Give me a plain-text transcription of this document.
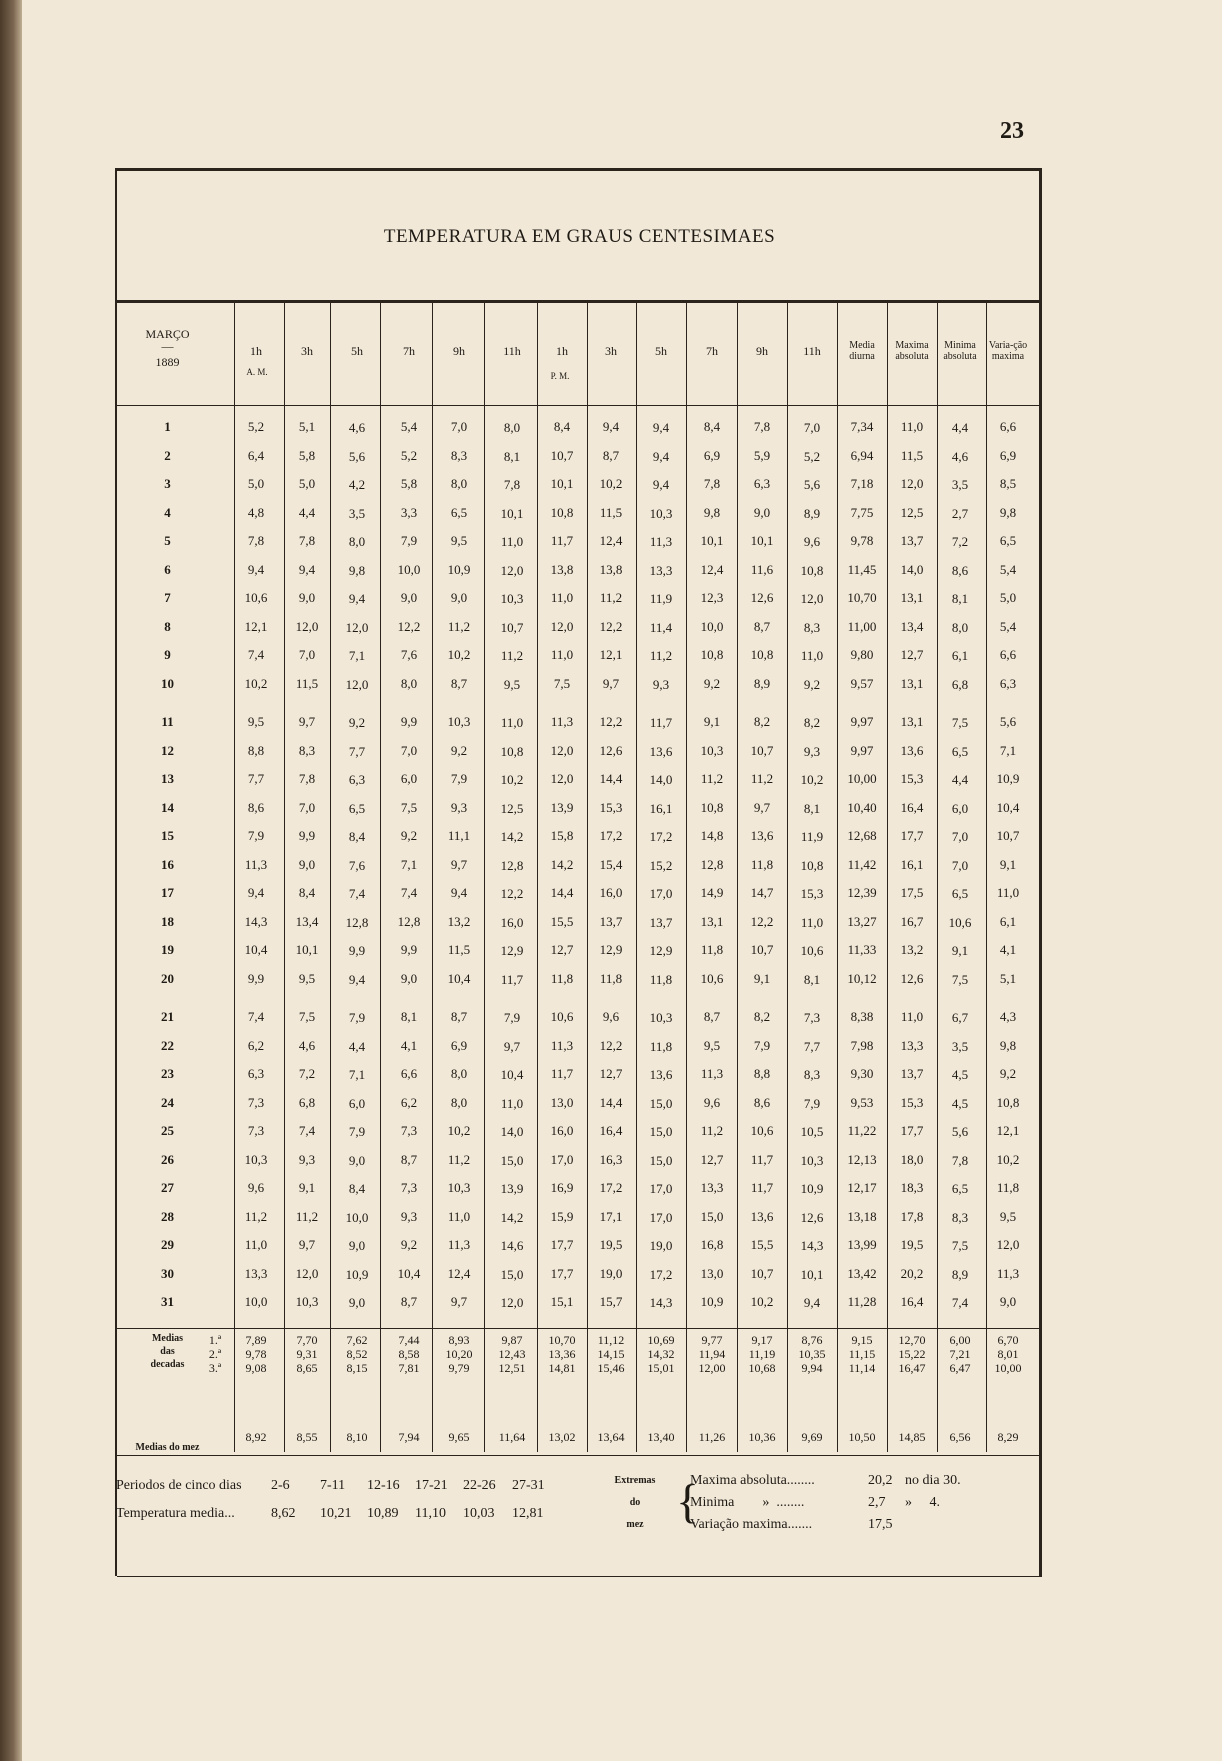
23
TEMPERATURA EM GRAUS CENTESIMAES
MARÇO
—
1889
A. M.	P. M.
1h	3h	5h	7h	9h	11h	1h	3h	5h	7h	9h	11h	Media diurna
Maxima absoluta
Minima absoluta
Varia-ção maxima
1	5,2	5,1	4,6	5,4	7,0	8,0	8,4	9,4	9,4	8,4	7,8	7,0	7,34	11,0	4,4	6,6
2	6,4	5,8	5,6	5,2	8,3	8,1	10,7	8,7	9,4	6,9	5,9	5,2	6,94	11,5	4,6	6,9
3	5,0	5,0	4,2	5,8	8,0	7,8	10,1	10,2	9,4	7,8	6,3	5,6	7,18	12,0	3,5	8,5
4	4,8	4,4	3,5	3,3	6,5	10,1	10,8	11,5	10,3	9,8	9,0	8,9	7,75	12,5	2,7	9,8
5	7,8	7,8	8,0	7,9	9,5	11,0	11,7	12,4	11,3	10,1	10,1	9,6	9,78	13,7	7,2	6,5
6	9,4	9,4	9,8	10,0	10,9	12,0	13,8	13,8	13,3	12,4	11,6	10,8	11,45	14,0	8,6	5,4
7	10,6	9,0	9,4	9,0	9,0	10,3	11,0	11,2	11,9	12,3	12,6	12,0	10,70	13,1	8,1	5,0
8	12,1	12,0	12,0	12,2	11,2	10,7	12,0	12,2	11,4	10,0	8,7	8,3	11,00	13,4	8,0	5,4
9	7,4	7,0	7,1	7,6	10,2	11,2	11,0	12,1	11,2	10,8	10,8	11,0	9,80	12,7	6,1	6,6
10	10,2	11,5	12,0	8,0	8,7	9,5	7,5	9,7	9,3	9,2	8,9	9,2	9,57	13,1	6,8	6,3
11	9,5	9,7	9,2	9,9	10,3	11,0	11,3	12,2	11,7	9,1	8,2	8,2	9,97	13,1	7,5	5,6
12	8,8	8,3	7,7	7,0	9,2	10,8	12,0	12,6	13,6	10,3	10,7	9,3	9,97	13,6	6,5	7,1
13	7,7	7,8	6,3	6,0	7,9	10,2	12,0	14,4	14,0	11,2	11,2	10,2	10,00	15,3	4,4	10,9
14	8,6	7,0	6,5	7,5	9,3	12,5	13,9	15,3	16,1	10,8	9,7	8,1	10,40	16,4	6,0	10,4
15	7,9	9,9	8,4	9,2	11,1	14,2	15,8	17,2	17,2	14,8	13,6	11,9	12,68	17,7	7,0	10,7
16	11,3	9,0	7,6	7,1	9,7	12,8	14,2	15,4	15,2	12,8	11,8	10,8	11,42	16,1	7,0	9,1
17	9,4	8,4	7,4	7,4	9,4	12,2	14,4	16,0	17,0	14,9	14,7	15,3	12,39	17,5	6,5	11,0
18	14,3	13,4	12,8	12,8	13,2	16,0	15,5	13,7	13,7	13,1	12,2	11,0	13,27	16,7	10,6	6,1
19	10,4	10,1	9,9	9,9	11,5	12,9	12,7	12,9	12,9	11,8	10,7	10,6	11,33	13,2	9,1	4,1
20	9,9	9,5	9,4	9,0	10,4	11,7	11,8	11,8	11,8	10,6	9,1	8,1	10,12	12,6	7,5	5,1
21	7,4	7,5	7,9	8,1	8,7	7,9	10,6	9,6	10,3	8,7	8,2	7,3	8,38	11,0	6,7	4,3
22	6,2	4,6	4,4	4,1	6,9	9,7	11,3	12,2	11,8	9,5	7,9	7,7	7,98	13,3	3,5	9,8
23	6,3	7,2	7,1	6,6	8,0	10,4	11,7	12,7	13,6	11,3	8,8	8,3	9,30	13,7	4,5	9,2
24	7,3	6,8	6,0	6,2	8,0	11,0	13,0	14,4	15,0	9,6	8,6	7,9	9,53	15,3	4,5	10,8
25	7,3	7,4	7,9	7,3	10,2	14,0	16,0	16,4	15,0	11,2	10,6	10,5	11,22	17,7	5,6	12,1
26	10,3	9,3	9,0	8,7	11,2	15,0	17,0	16,3	15,0	12,7	11,7	10,3	12,13	18,0	7,8	10,2
27	9,6	9,1	8,4	7,3	10,3	13,9	16,9	17,2	17,0	13,3	11,7	10,9	12,17	18,3	6,5	11,8
28	11,2	11,2	10,0	9,3	11,0	14,2	15,9	17,1	17,0	15,0	13,6	12,6	13,18	17,8	8,3	9,5
29	11,0	9,7	9,0	9,2	11,3	14,6	17,7	19,5	19,0	16,8	15,5	14,3	13,99	19,5	7,5	12,0
30	13,3	12,0	10,9	10,4	12,4	15,0	17,7	19,0	17,2	13,0	10,7	10,1	13,42	20,2	8,9	11,3
31	10,0	10,3	9,0	8,7	9,7	12,0	15,1	15,7	14,3	10,9	10,2	9,4	11,28	16,4	7,4	9,0
1.ª	7,89	7,70	7,62	7,44	8,93	9,87	10,70	11,12	10,69	9,77	9,17	8,76	9,15	12,70	6,00	6,70
2.ª	9,78	9,31	8,52	8,58	10,20	12,43	13,36	14,15	14,32	11,94	11,19	10,35	11,15	15,22	7,21	8,01
3.ª	9,08	8,65	8,15	7,81	9,79	12,51	14,81	15,46	15,01	12,00	10,68	9,94	11,14	16,47	6,47	10,00
8,92	8,55	8,10	7,94	9,65	11,64	13,02	13,64	13,40	11,26	10,36	9,69	10,50	14,85	6,56	8,29
Medias
das
decadas
Medias do mez
Periodos de cinco dias
Temperatura media...
2-6 7-11 12-16 17-21 22-26 27-31
8,62 10,21 10,89 11,10 10,03 12,81
Extremas
do
mez {
Maxima absoluta........	20,2 no dia 30.
Minima        »  ........	2,7 »     4.
Variação maxima.......	17,5
